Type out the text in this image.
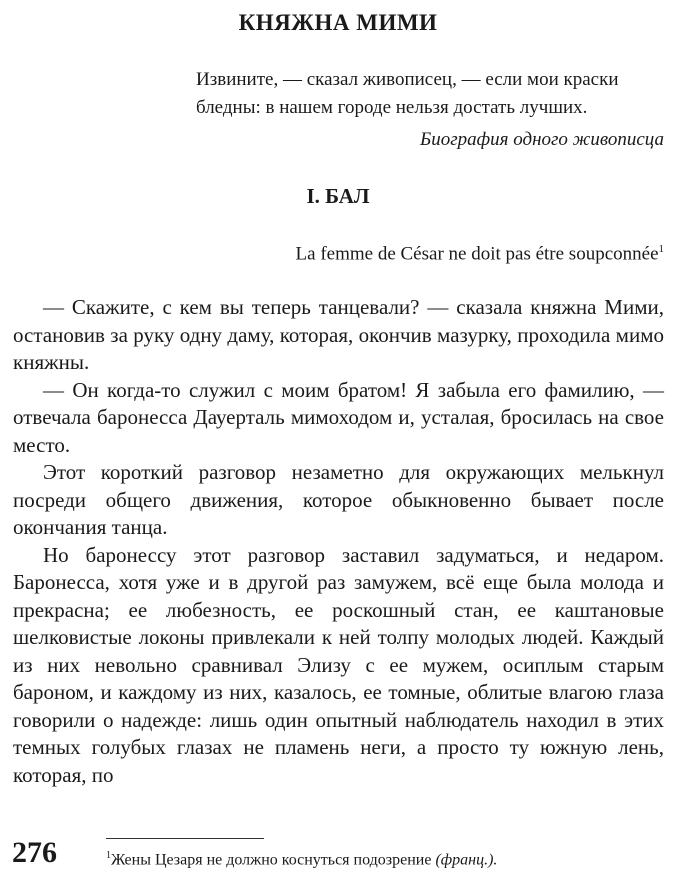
КНЯЖНА МИМИ
Извините, — сказал живописец, — если мои краски бледны: в нашем городе нельзя достать лучших.
Биография одного живописца
I. БАЛ
La femme de César ne doit pas étre soupconnée$^1$

— Скажите, с кем вы теперь танцевали? — сказала княжна Мими, остановив за руку одну даму, которая, окончив мазурку, проходила мимо княжны.

— Он когда-то служил с моим братом! Я забыла его фамилию, — отвечала баронесса Дауерталь мимоходом и, усталая, бросилась на свое место.

Этот короткий разговор незаметно для окружающих мелькнул посреди общего движения, которое обыкновенно бывает после окончания танца.

Но баронессу этот разговор заставил задуматься, и недаром. Баронесса, хотя уже и в другой раз замужем, всё еще была молода и прекрасна; ее любезность, ее роскошный стан, ее каштановые шелковистые локоны привлекали к ней толпу молодых людей. Каждый из них невольно сравнивал Элизу с ее мужем, осиплым старым бароном, и каждому из них, казалось, ее томные, облитые влагою глаза говорили о надежде: лишь один опытный наблюдатель находил в этих темных голубых глазах не пламень неги, а просто ту южную лень, которая, по

276	$^1$Жены Цезаря не должно коснуться подозрение (франц.).
